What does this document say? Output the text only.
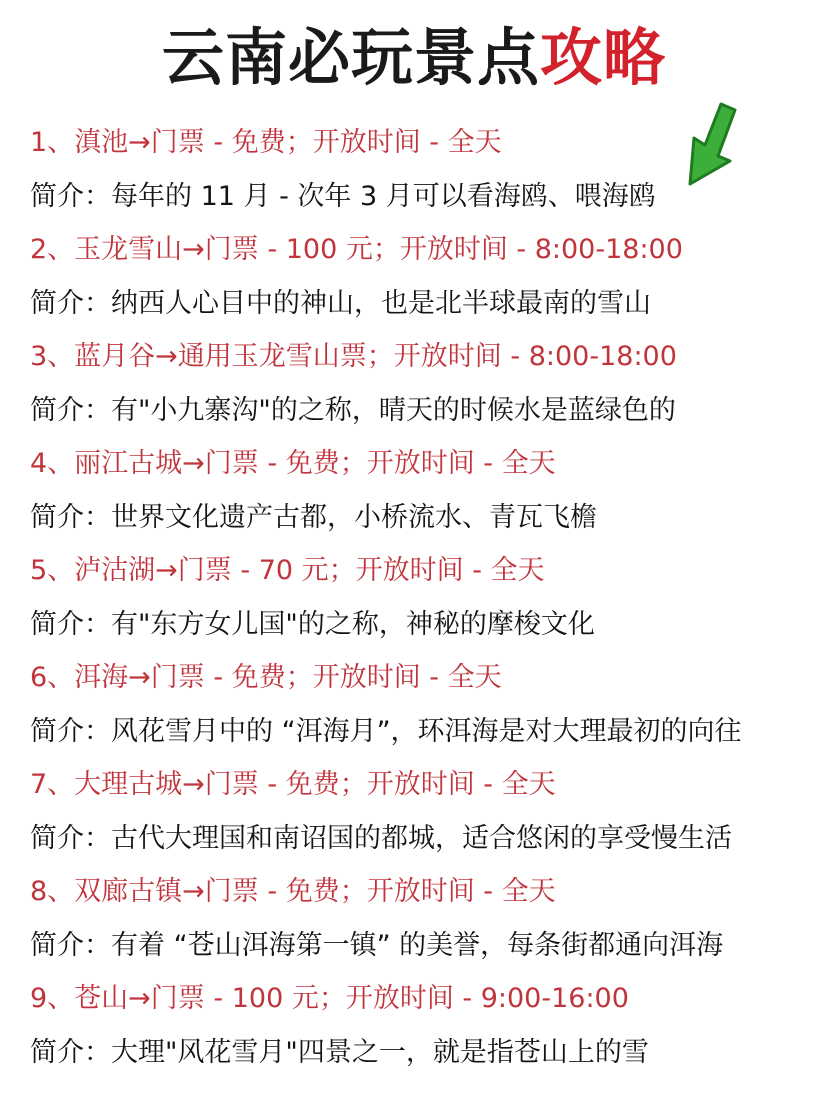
云南必玩景点攻略
1、滇池→门票 - 免费；开放时间 - 全天
简介：每年的 11 月 - 次年 3 月可以看海鸥、喂海鸥
2、玉龙雪山→门票 - 100 元；开放时间 - 8:00-18:00
简介：纳西人心目中的神山，也是北半球最南的雪山
3、蓝月谷→通用玉龙雪山票；开放时间 - 8:00-18:00
简介：有"小九寨沟"的之称，晴天的时候水是蓝绿色的
4、丽江古城→门票 - 免费；开放时间 - 全天
简介：世界文化遗产古都，小桥流水、青瓦飞檐
5、泸沽湖→门票 - 70 元；开放时间 - 全天
简介：有"东方女儿国"的之称，神秘的摩梭文化
6、洱海→门票 - 免费；开放时间 - 全天
简介：风花雪月中的 “洱海月”，环洱海是对大理最初的向往
7、大理古城→门票 - 免费；开放时间 - 全天
简介：古代大理国和南诏国的都城，适合悠闲的享受慢生活
8、双廊古镇→门票 - 免费；开放时间 - 全天
简介：有着 “苍山洱海第一镇” 的美誉，每条街都通向洱海
9、苍山→门票 - 100 元；开放时间 - 9:00-16:00
简介：大理"风花雪月"四景之一，就是指苍山上的雪
